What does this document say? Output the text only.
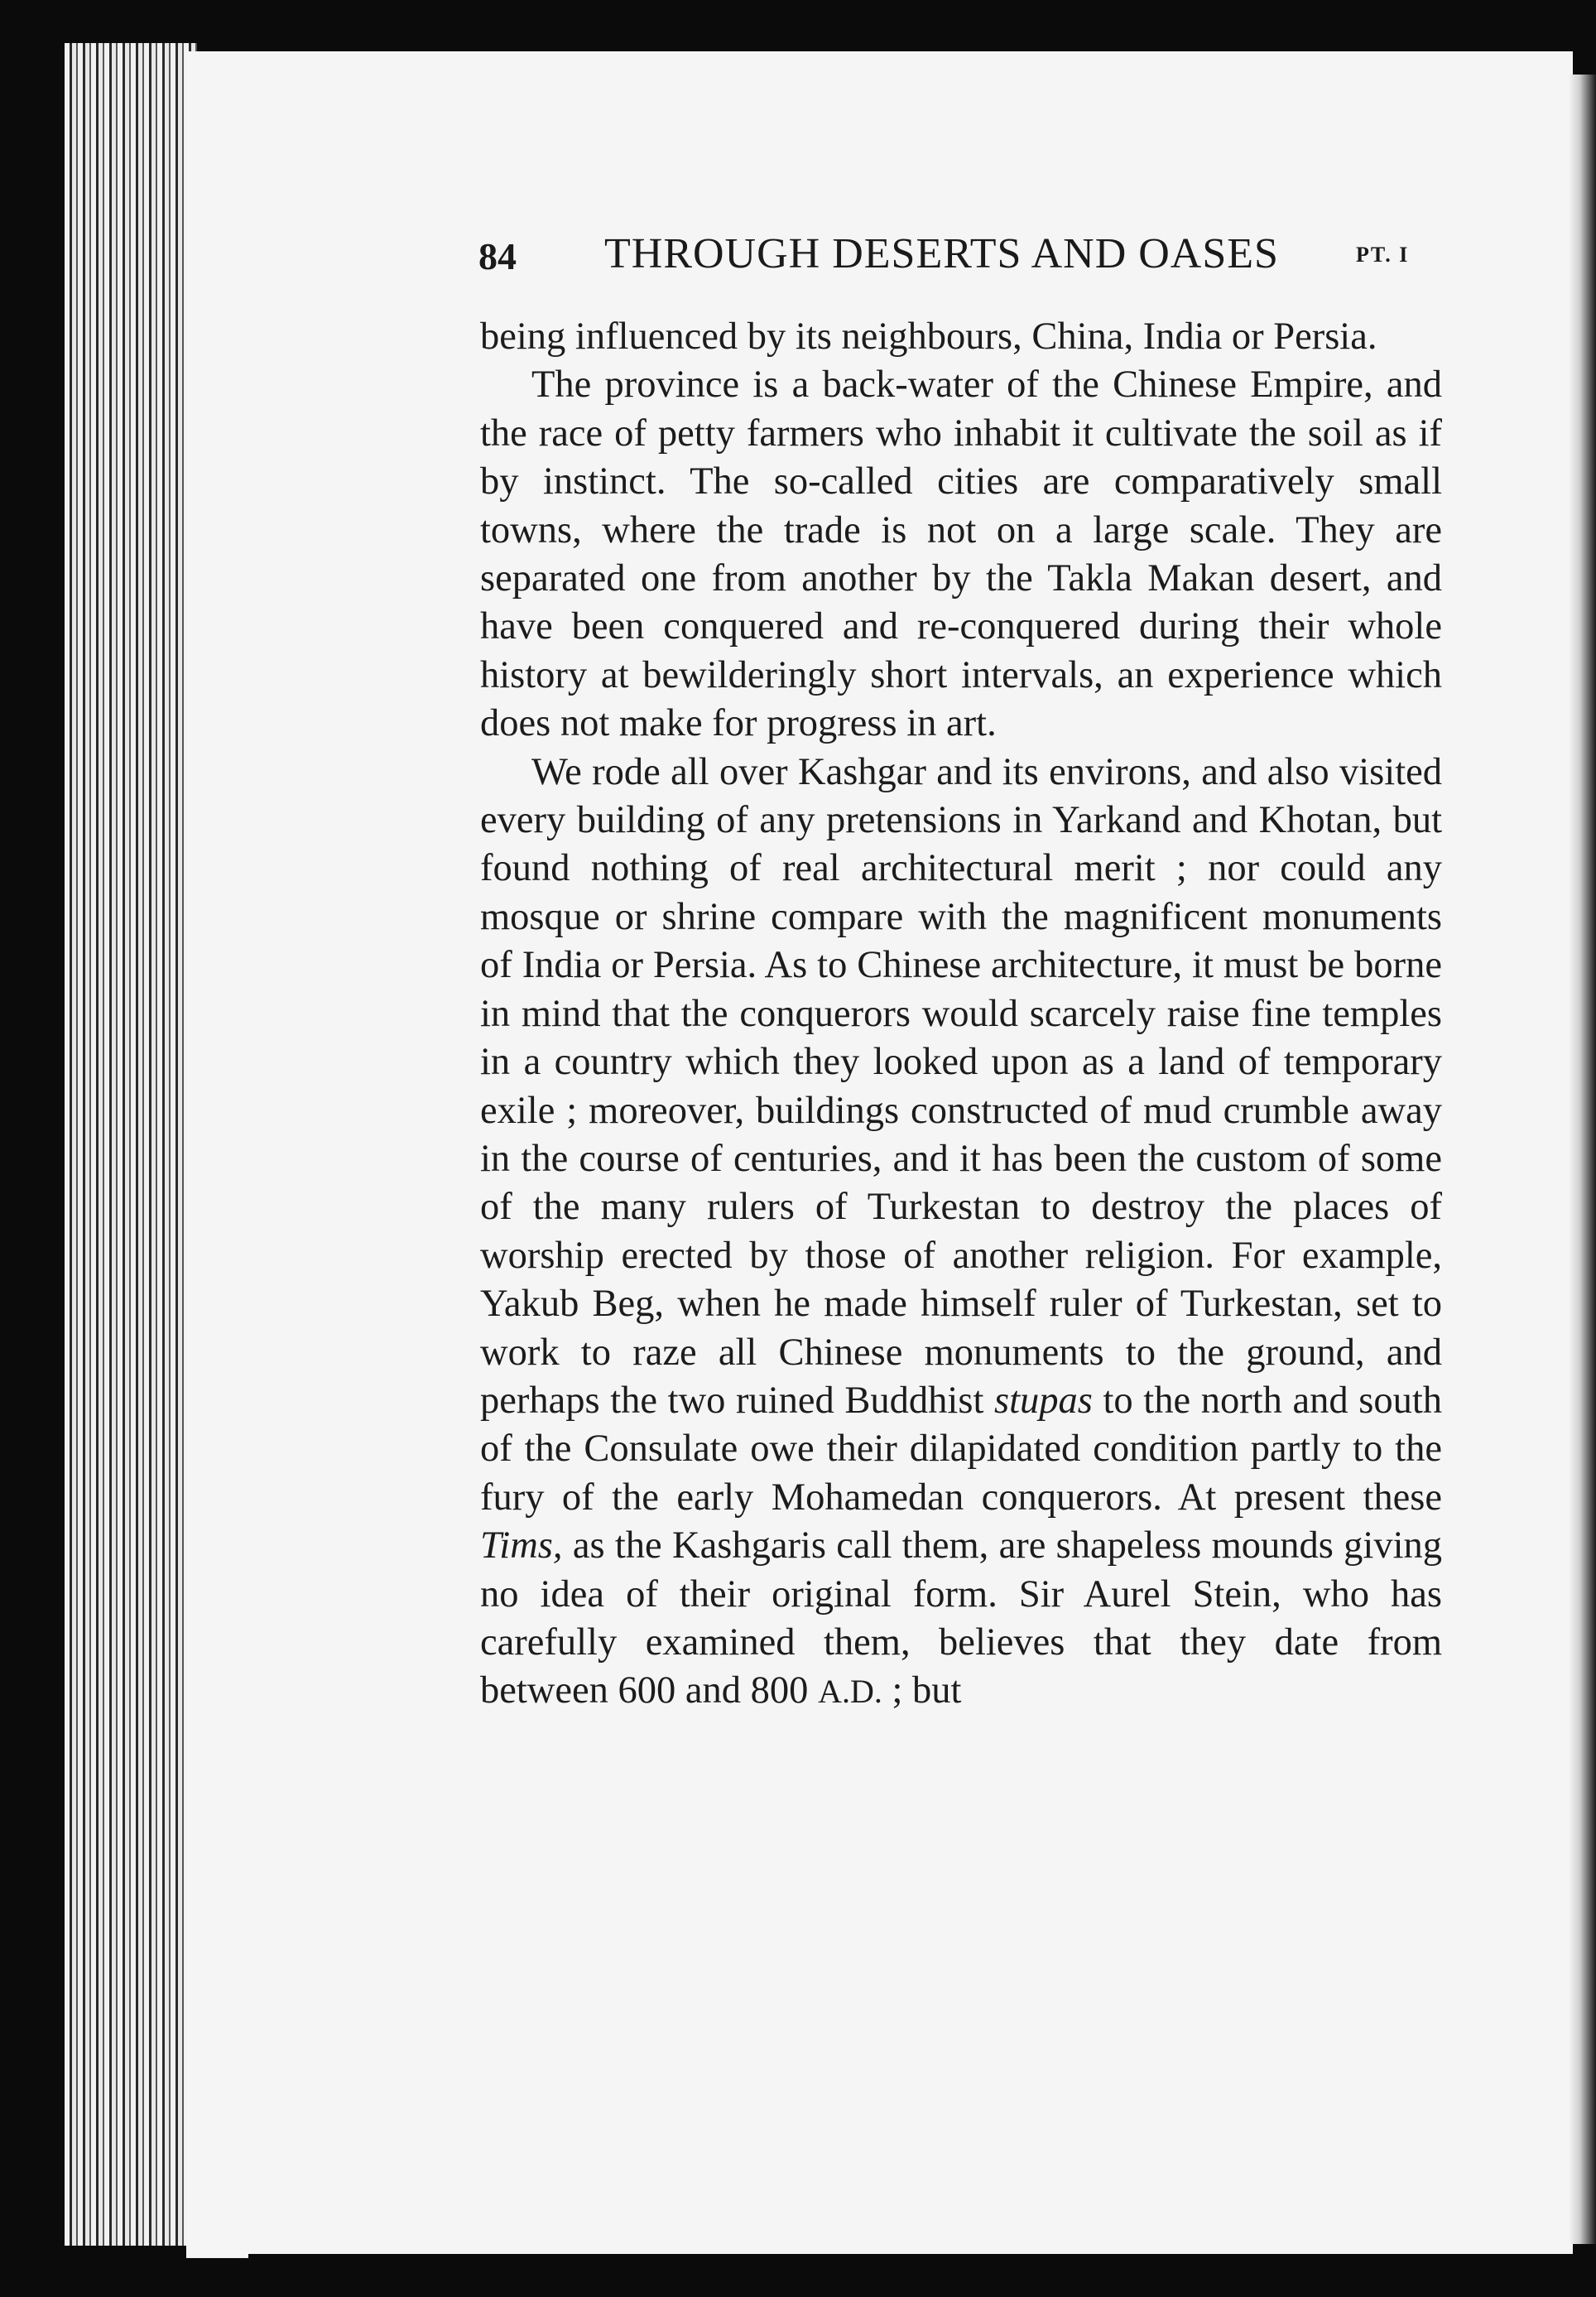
84 THROUGH DESERTS AND OASES	PT. I

being influenced by its neighbours, China, India or Persia.

The province is a back-water of the Chinese Empire, and the race of petty farmers who inhabit it cultivate the soil as if by instinct. The so-called cities are comparatively small towns, where the trade is not on a large scale. They are separated one from another by the Takla Makan desert, and have been conquered and re-conquered during their whole history at bewilderingly short intervals, an experience which does not make for progress in art.

We rode all over Kashgar and its environs, and also visited every building of any pretensions in Yarkand and Khotan, but found nothing of real architectural merit ; nor could any mosque or shrine compare with the magnificent monuments of India or Persia. As to Chinese architecture, it must be borne in mind that the conquerors would scarcely raise fine temples in a country which they looked upon as a land of temporary exile ; moreover, buildings constructed of mud crumble away in the course of centuries, and it has been the custom of some of the many rulers of Turkestan to destroy the places of worship erected by those of another religion. For example, Yakub Beg, when he made himself ruler of Turkestan, set to work to raze all Chinese monuments to the ground, and perhaps the two ruined Buddhist stupas to the north and south of the Consulate owe their dilapidated condition partly to the fury of the early Mohamedan conquerors. At present these Tims, as the Kashgaris call them, are shapeless mounds giving no idea of their original form. Sir Aurel Stein, who has carefully examined them, believes that they date from between 600 and 800 A.D. ; but
